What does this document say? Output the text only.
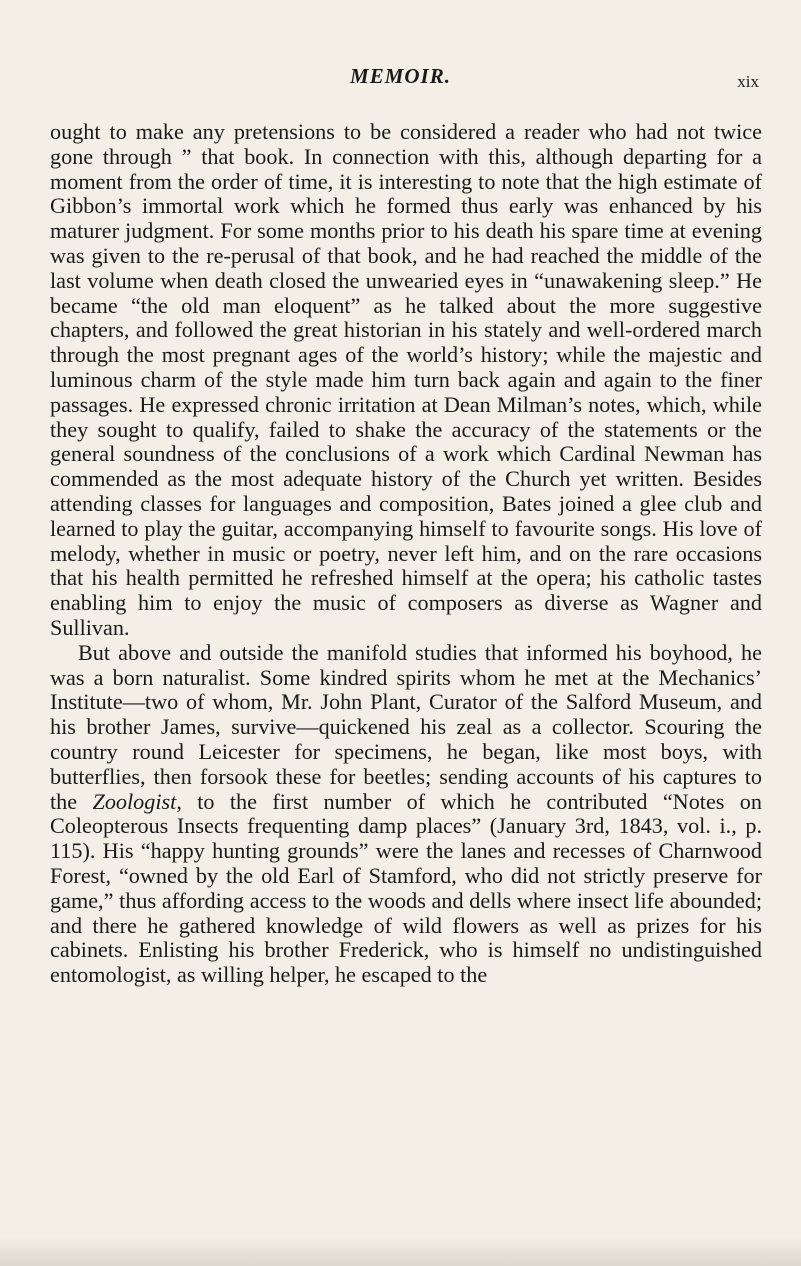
MEMOIR.	xix

ought to make any pretensions to be considered a reader who had not twice gone through ” that book. In connection with this, although departing for a moment from the order of time, it is interesting to note that the high estimate of Gibbon’s immortal work which he formed thus early was enhanced by his maturer judgment. For some months prior to his death his spare time at evening was given to the re-perusal of that book, and he had reached the middle of the last volume when death closed the unwearied eyes in “unawakening sleep.” He became “the old man eloquent” as he talked about the more suggestive chapters, and followed the great historian in his stately and well-ordered march through the most pregnant ages of the world’s history; while the majestic and luminous charm of the style made him turn back again and again to the finer passages. He expressed chronic irritation at Dean Milman’s notes, which, while they sought to qualify, failed to shake the accuracy of the statements or the general soundness of the conclusions of a work which Cardinal Newman has commended as the most adequate history of the Church yet written. Besides attending classes for languages and composition, Bates joined a glee club and learned to play the guitar, accompanying himself to favourite songs. His love of melody, whether in music or poetry, never left him, and on the rare occasions that his health permitted he refreshed himself at the opera; his catholic tastes enabling him to enjoy the music of composers as diverse as Wagner and Sullivan.

But above and outside the manifold studies that informed his boyhood, he was a born naturalist. Some kindred spirits whom he met at the Mechanics’ Institute—two of whom, Mr. John Plant, Curator of the Salford Museum, and his brother James, survive—quickened his zeal as a collector. Scouring the country round Leicester for specimens, he began, like most boys, with butterflies, then forsook these for beetles; sending accounts of his captures to the Zoologist, to the first number of which he contributed “Notes on Coleopterous Insects frequenting damp places” (January 3rd, 1843, vol. i., p. 115). His “happy hunting grounds” were the lanes and recesses of Charnwood Forest, “owned by the old Earl of Stamford, who did not strictly preserve for game,” thus affording access to the woods and dells where insect life abounded; and there he gathered knowledge of wild flowers as well as prizes for his cabinets. Enlisting his brother Frederick, who is himself no undistinguished entomologist, as willing helper, he escaped to the
